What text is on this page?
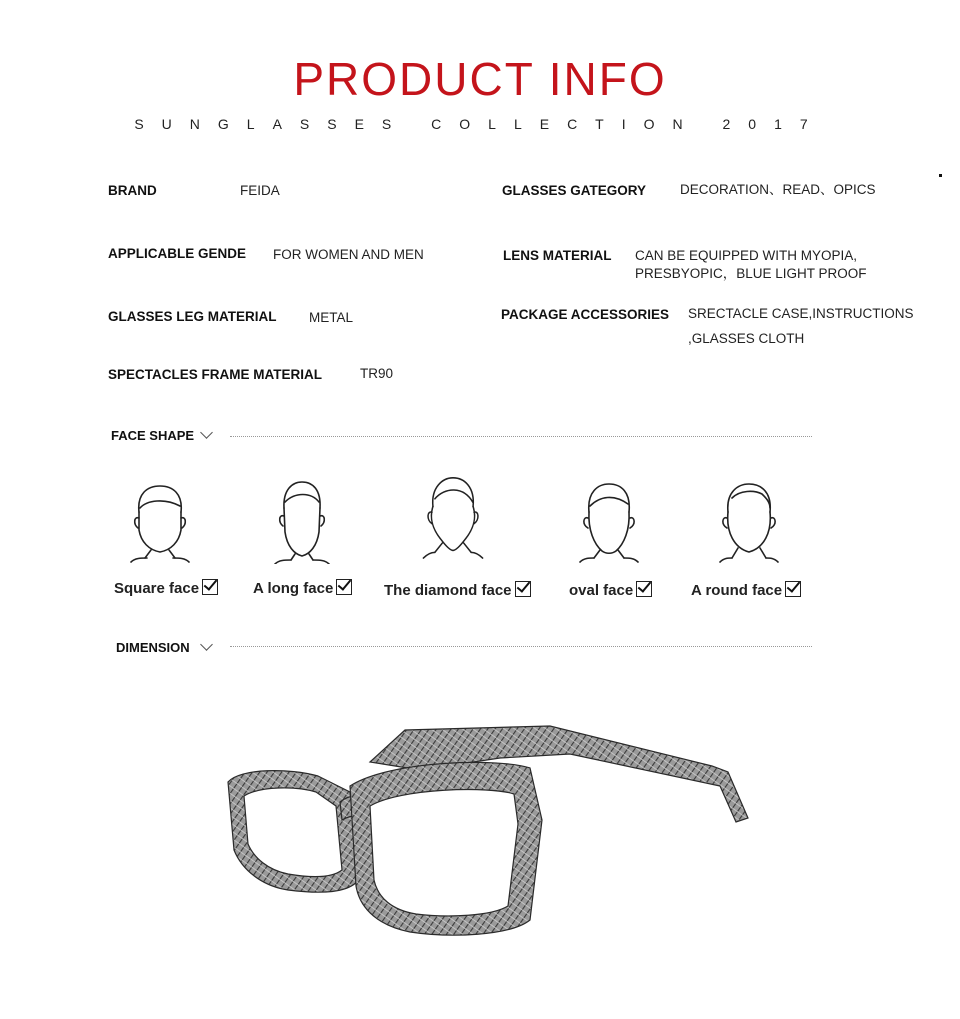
PRODUCT INFO
SUNGLASSES COLLECTION 2017
BRAND	FEIDA
APPLICABLE GENDE FOR WOMEN AND MEN
GLASSES LEG MATERIAL METAL
SPECTACLES FRAME MATERIAL	TR90
GLASSES GATEGORY	DECORATION、READ、OPICS
LENS MATERIAL CAN BE EQUIPPED WITH MYOPIA,
PRESBYOPIC，BLUE LIGHT PROOF
PACKAGE ACCESSORIES SRECTACLE CASE,INSTRUCTIONS
,GLASSES CLOTH
FACE SHAPE
Square face	A long face	The diamond face	oval face	A round face
DIMENSION
